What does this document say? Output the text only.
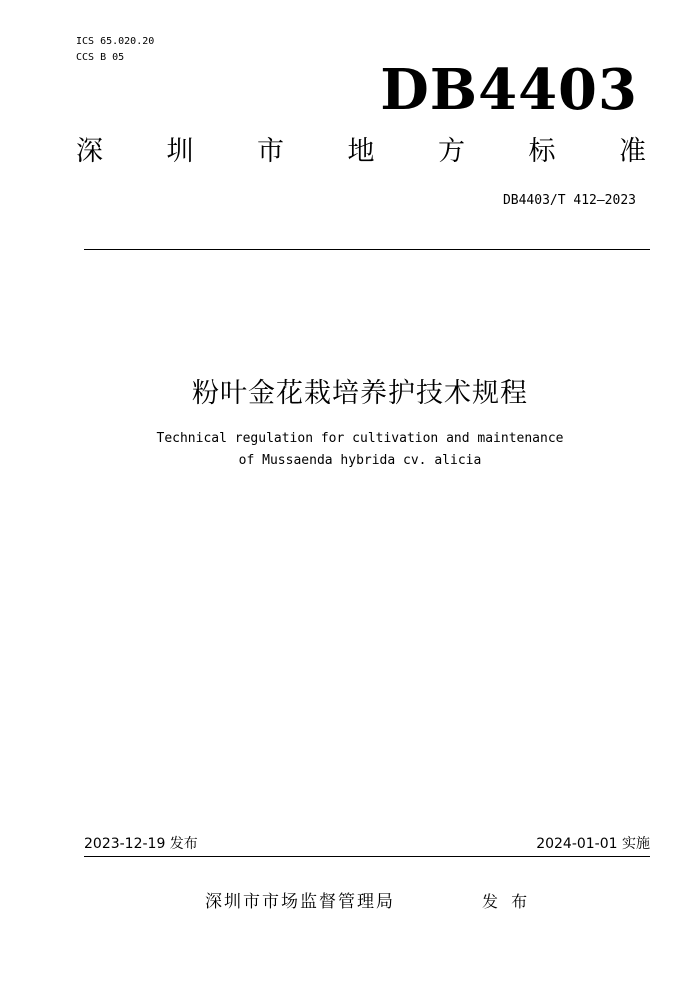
ICS 65.020.20
CCS B 05	DB4403
深 圳 市 地 方 标 准
DB4403/T 412—2023
粉叶金花栽培养护技术规程
Technical regulation for cultivation and maintenance
of Mussaenda hybrida cv. alicia
2023-12-19 发布	2024-01-01 实施
深圳市市场监督管理局	发 布
